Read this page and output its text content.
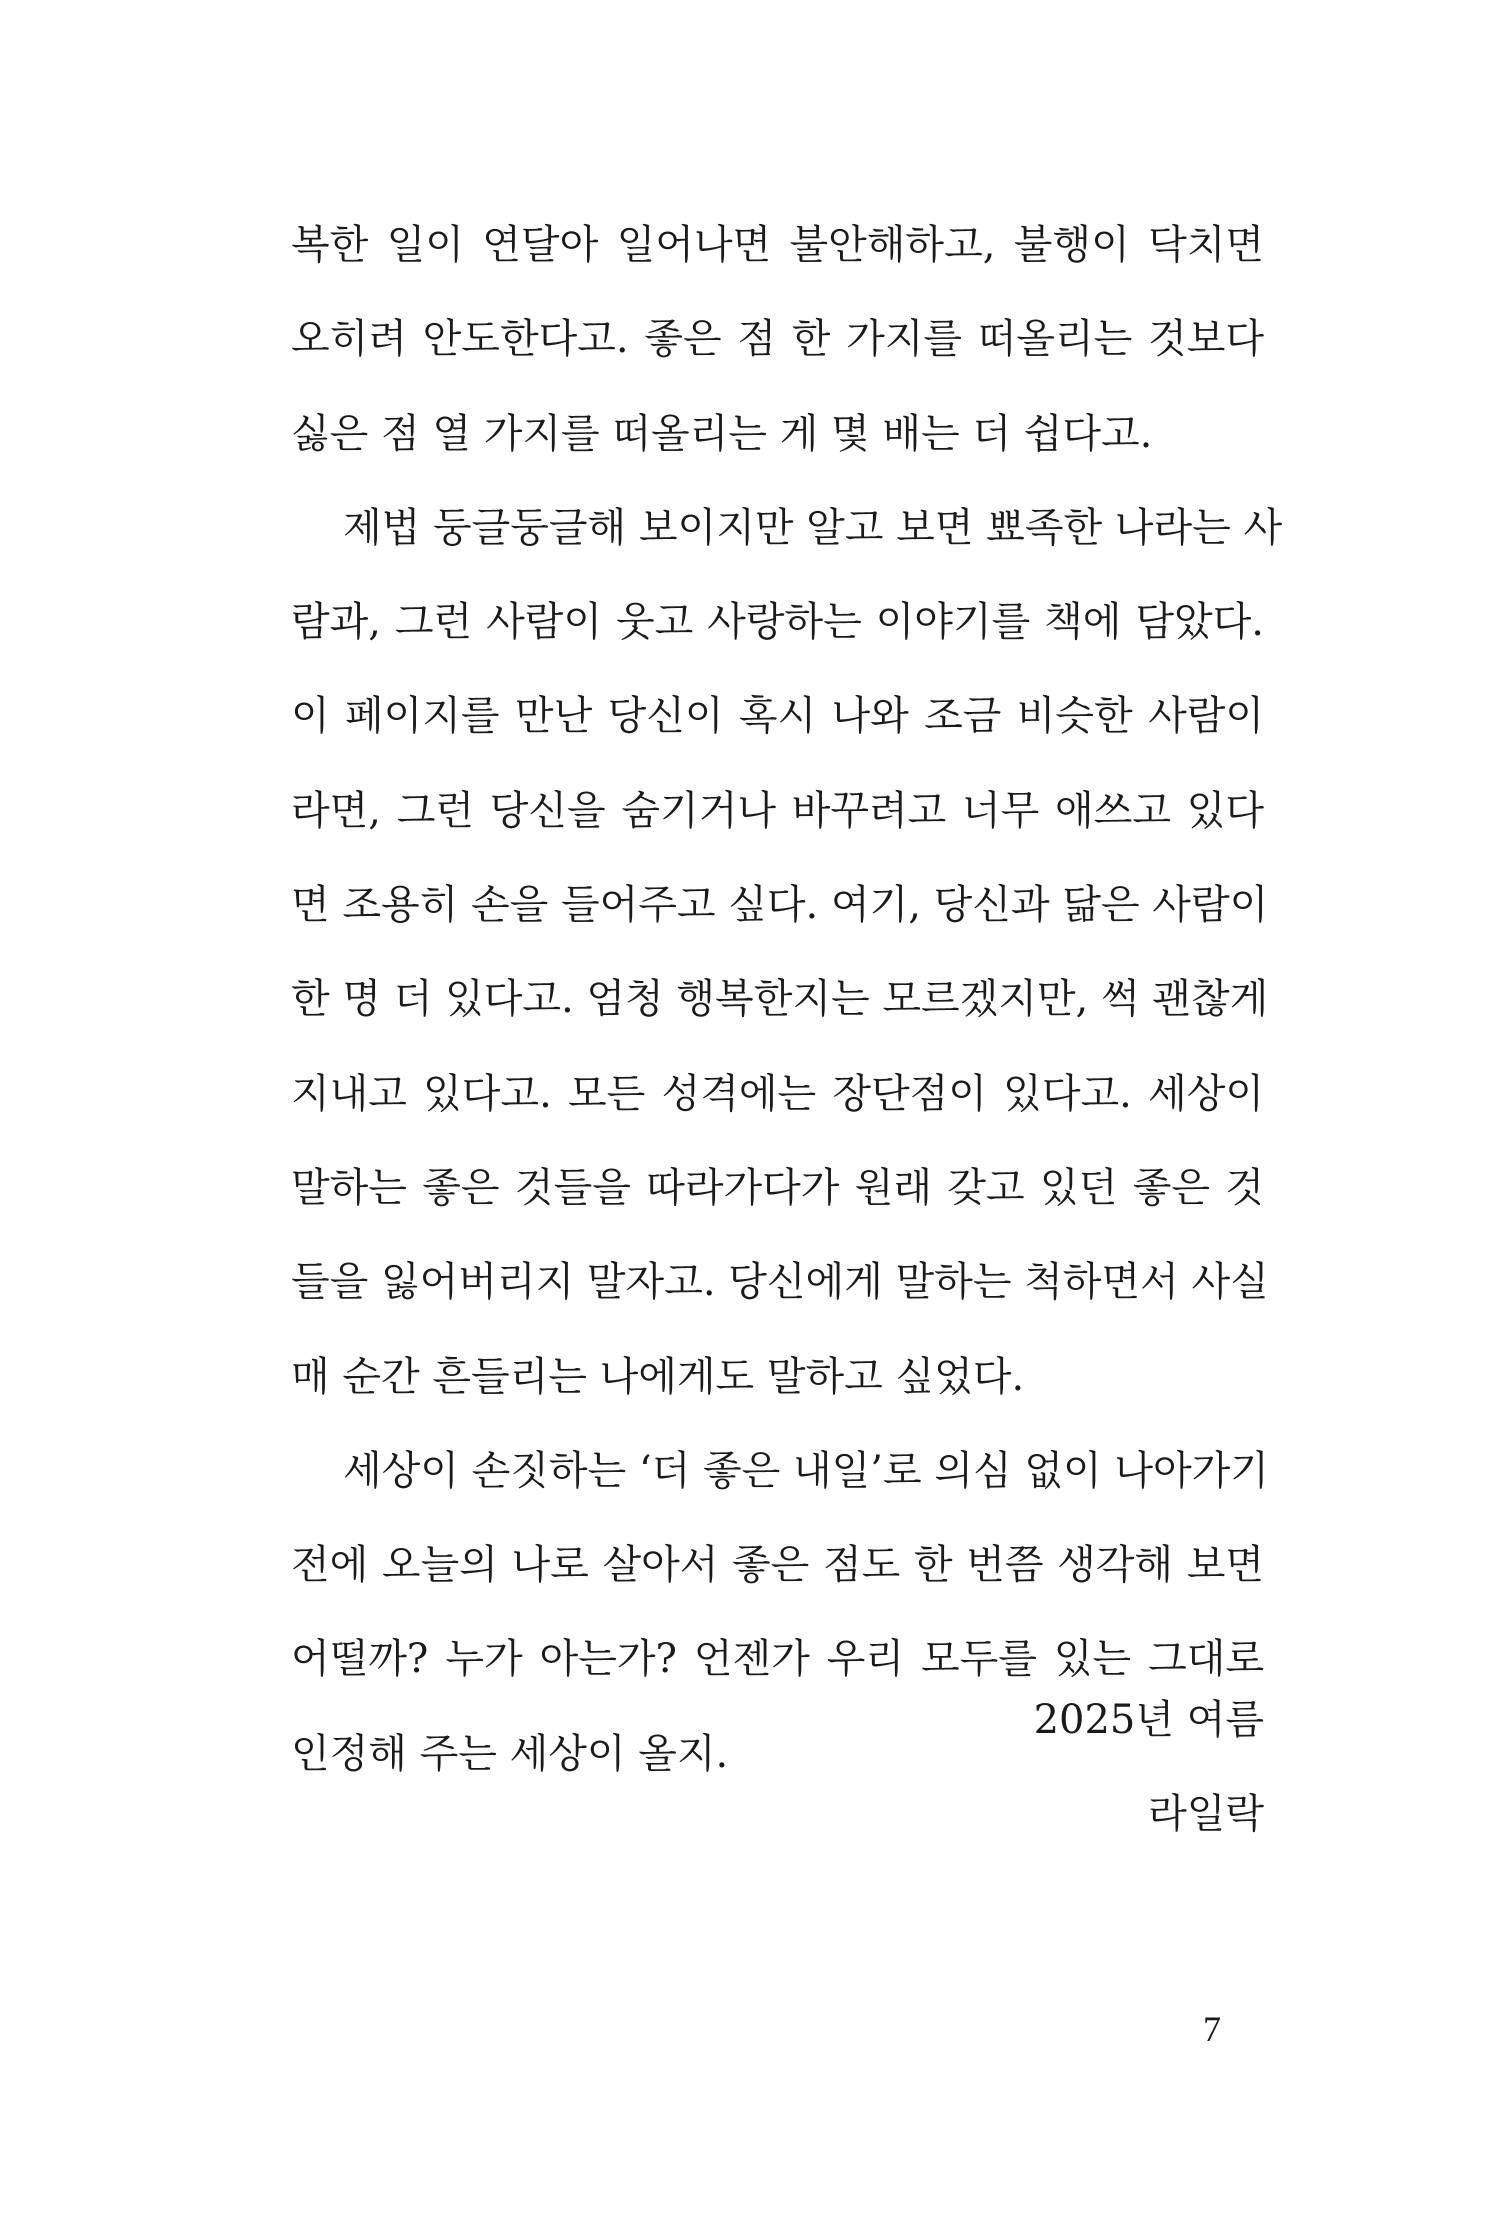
복한 일이 연달아 일어나면 불안해하고, 불행이 닥치면
오히려 안도한다고. 좋은 점 한 가지를 떠올리는 것보다
싫은 점 열 가지를 떠올리는 게 몇 배는 더 쉽다고.
제법 둥글둥글해 보이지만 알고 보면 뾰족한 나라는 사
람과, 그런 사람이 웃고 사랑하는 이야기를 책에 담았다.
이 페이지를 만난 당신이 혹시 나와 조금 비슷한 사람이
라면, 그런 당신을 숨기거나 바꾸려고 너무 애쓰고 있다
면 조용히 손을 들어주고 싶다. 여기, 당신과 닮은 사람이
한 명 더 있다고. 엄청 행복한지는 모르겠지만, 썩 괜찮게
지내고 있다고. 모든 성격에는 장단점이 있다고. 세상이
말하는 좋은 것들을 따라가다가 원래 갖고 있던 좋은 것
들을 잃어버리지 말자고. 당신에게 말하는 척하면서 사실
매 순간 흔들리는 나에게도 말하고 싶었다.
세상이 손짓하는 ‘더 좋은 내일’로 의심 없이 나아가기
전에 오늘의 나로 살아서 좋은 점도 한 번쯤 생각해 보면
어떨까? 누가 아는가? 언젠가 우리 모두를 있는 그대로
인정해 주는 세상이 올지.
2025년 여름
라일락
7
